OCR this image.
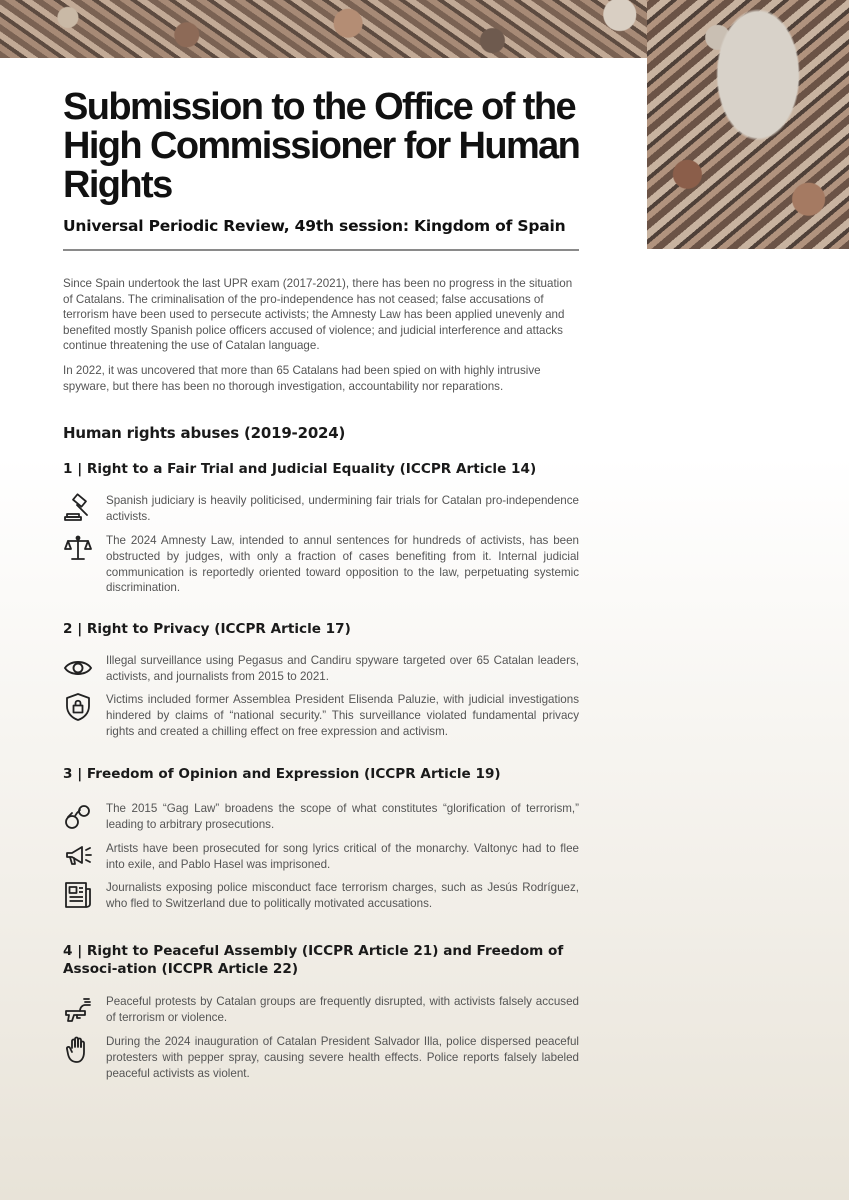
Submission to the Office of the High Commissioner for Human Rights
Universal Periodic Review, 49th session: Kingdom of Spain

Since Spain undertook the last UPR exam (2017-2021), there has been no progress in the situation of Catalans. The criminalisation of the pro-independence has not ceased; false accusations of terrorism have been used to persecute activists; the Amnesty Law has been applied unevenly and benefited mostly Spanish police officers accused of violence; and judicial interference and attacks continue threatening the use of Catalan language.

In 2022, it was uncovered that more than 65 Catalans had been spied on with highly intrusive spyware, but there has been no thorough investigation, accountability nor reparations.

Human rights abuses (2019-2024)
1 | Right to a Fair Trial and Judicial Equality (ICCPR Article 14)

Spanish judiciary is heavily politicised, undermining fair trials for Catalan pro-independence activists.

The 2024 Amnesty Law, intended to annul sentences for hundreds of activists, has been obstructed by judges, with only a fraction of cases benefiting from it. Internal judicial communication is reportedly oriented toward opposition to the law, perpetuating systemic discrimination.

2 | Right to Privacy (ICCPR Article 17)

Illegal surveillance using Pegasus and Candiru spyware targeted over 65 Catalan leaders, activists, and journalists from 2015 to 2021.

Victims included former Assemblea President Elisenda Paluzie, with judicial investigations hindered by claims of “national security.” This surveillance violated fundamental privacy rights and created a chilling effect on free expression and activism.

3 | Freedom of Opinion and Expression (ICCPR Article 19)

The 2015 “Gag Law” broadens the scope of what constitutes “glorification of terrorism,” leading to arbitrary prosecutions.

Artists have been prosecuted for song lyrics critical of the monarchy. Valtonyc had to flee into exile, and Pablo Hasel was imprisoned.

Journalists exposing police misconduct face terrorism charges, such as Jesús Rodríguez, who fled to Switzerland due to politically motivated accusations.

4 | Right to Peaceful Assembly (ICCPR Article 21) and Freedom of Associ-ation (ICCPR Article 22)

Peaceful protests by Catalan groups are frequently disrupted, with activists falsely accused of terrorism or violence.

During the 2024 inauguration of Catalan President Salvador Illa, police dispersed peaceful protesters with pepper spray, causing severe health effects. Police reports falsely labeled peaceful activists as violent.
